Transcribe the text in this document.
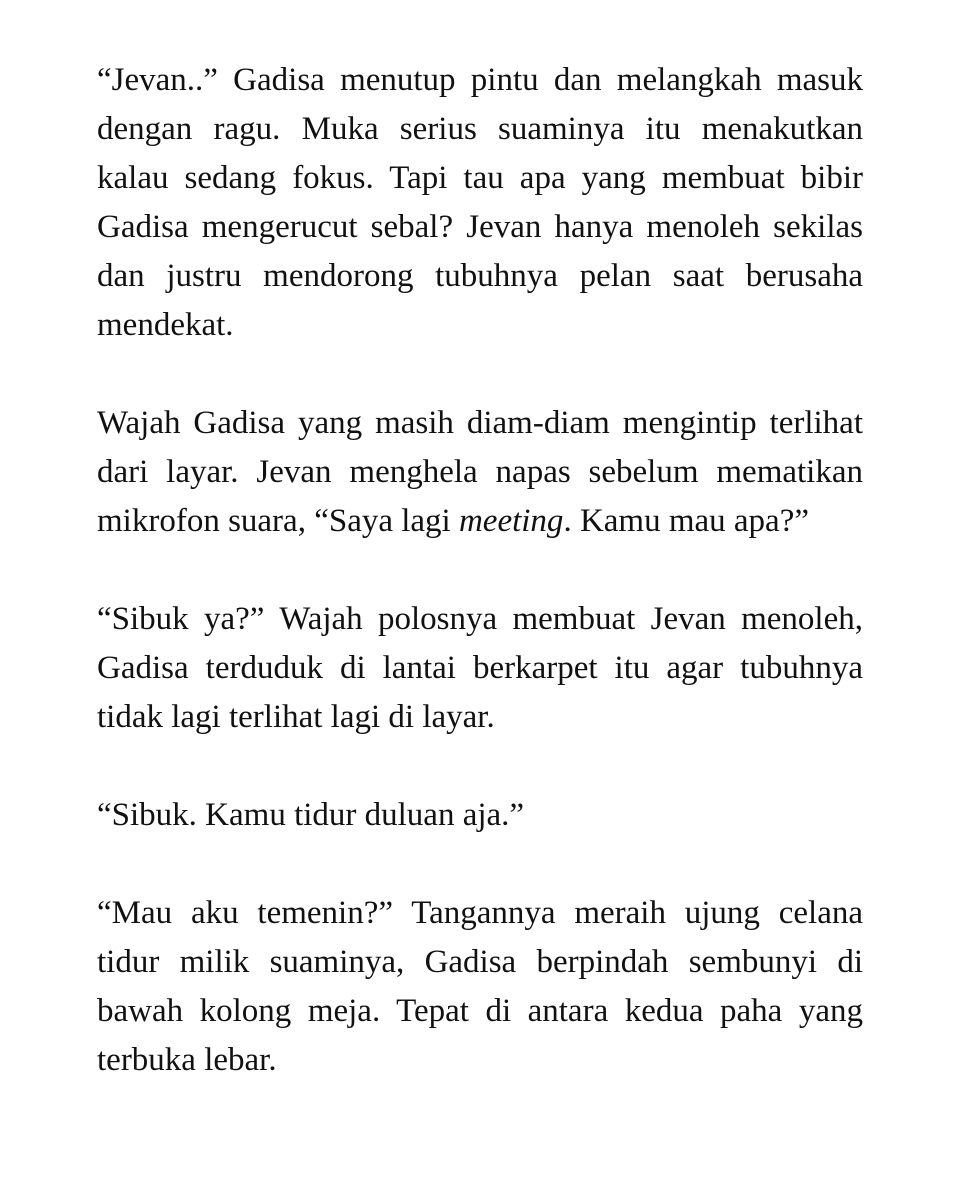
“Jevan..” Gadisa menutup pintu dan melangkah masuk dengan ragu. Muka serius suaminya itu menakutkan kalau sedang fokus. Tapi tau apa yang membuat bibir Gadisa mengerucut sebal? Jevan hanya menoleh sekilas dan justru mendorong tubuhnya pelan saat berusaha mendekat.

Wajah Gadisa yang masih diam-diam mengintip terlihat dari layar. Jevan menghela napas sebelum mematikan mikrofon suara, “Saya lagi meeting. Kamu mau apa?”

“Sibuk ya?” Wajah polosnya membuat Jevan menoleh, Gadisa terduduk di lantai berkarpet itu agar tubuhnya tidak lagi terlihat lagi di layar.

“Sibuk. Kamu tidur duluan aja.”

“Mau aku temenin?” Tangannya meraih ujung celana tidur milik suaminya, Gadisa berpindah sembunyi di bawah kolong meja. Tepat di antara kedua paha yang terbuka lebar.
